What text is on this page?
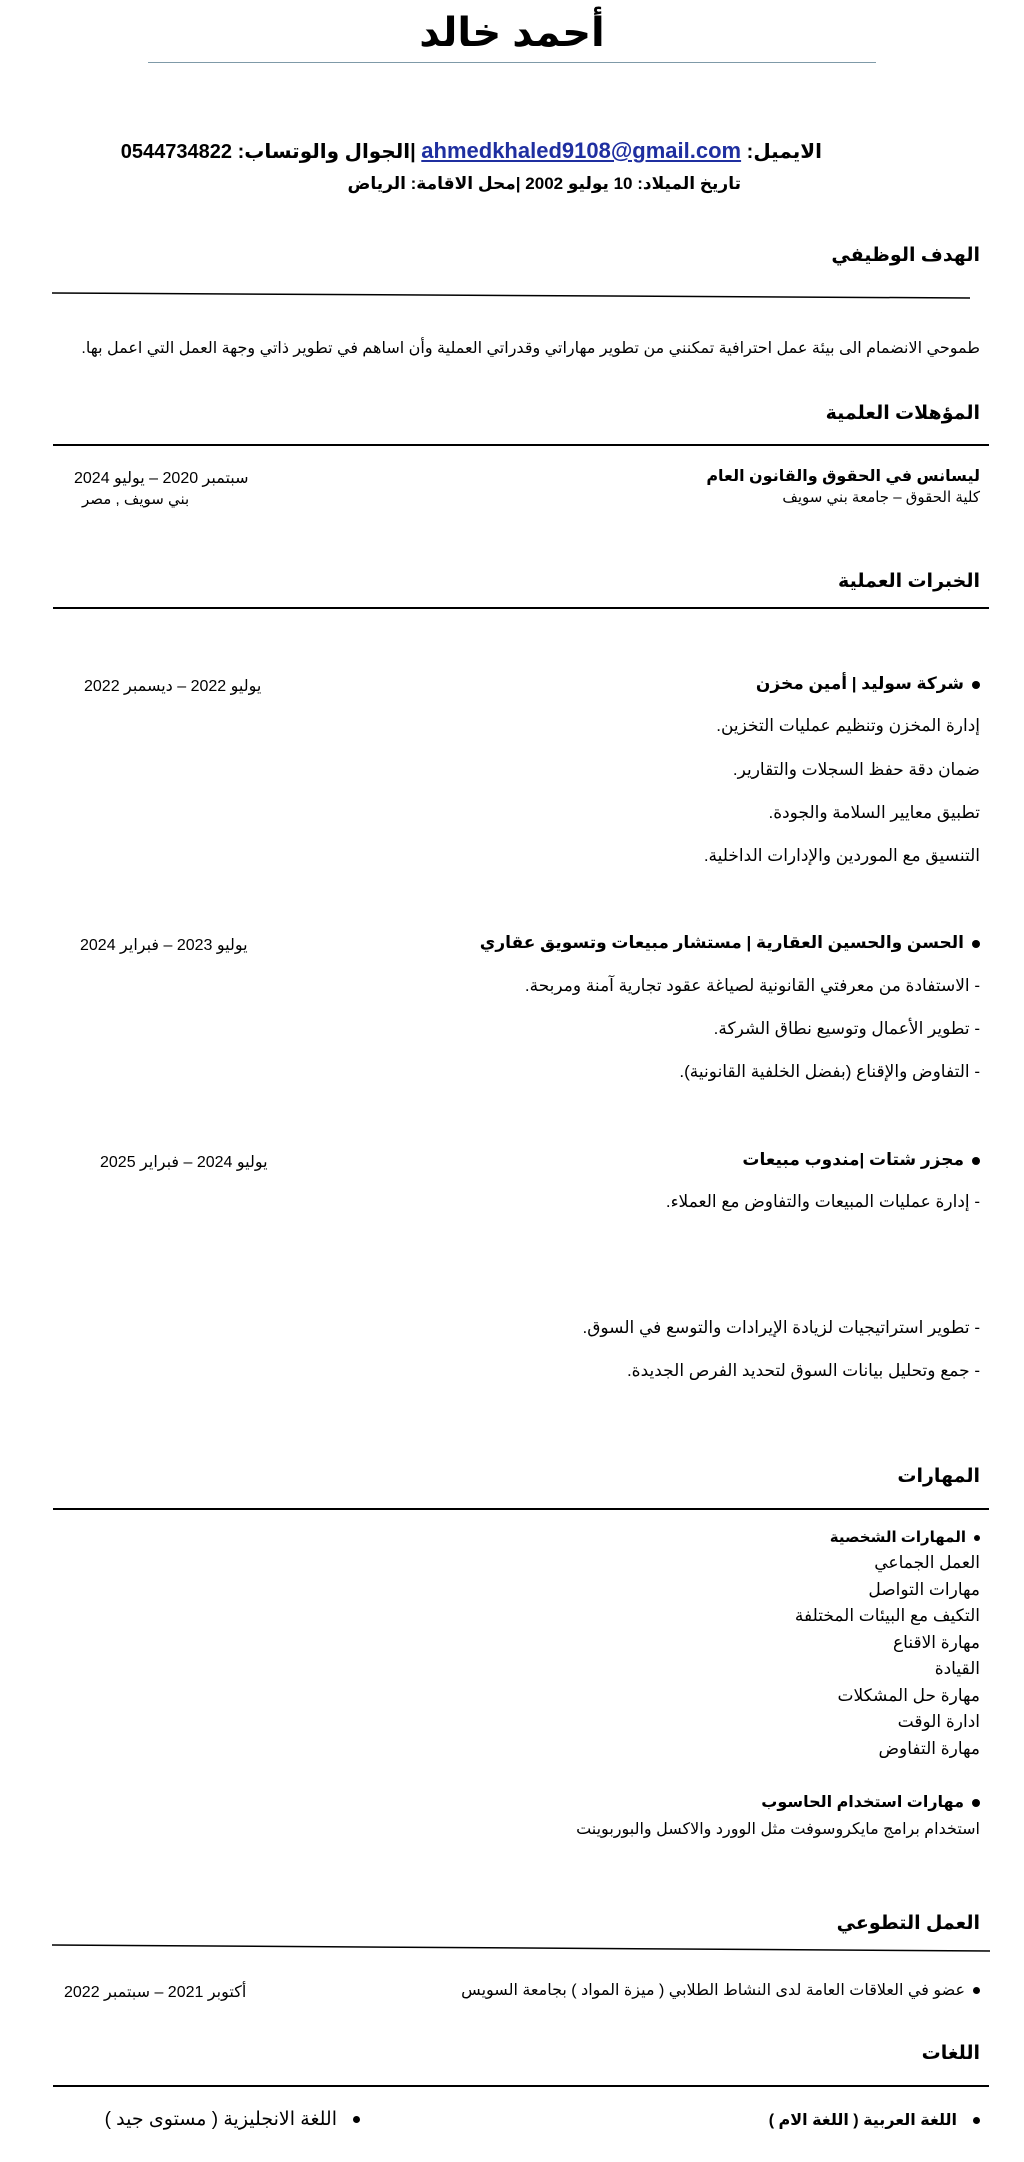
أحمد خالد
الايميل: ahmedkhaled9108@gmail.com |الجوال والوتساب: 0544734822
تاريخ الميلاد: 10 يوليو 2002 |محل الاقامة: الرياض
الهدف الوظيفي
طموحي الانضمام الى بيئة عمل احترافية تمكنني من تطوير مهاراتي وقدراتي العملية وأن اساهم في تطوير ذاتي وجهة العمل التي اعمل بها.
المؤهلات العلمية
ليسانس في الحقوق والقانون العام
كلية الحقوق – جامعة بني سويف
سبتمبر 2020 – يوليو 2024
بني سويف , مصر
الخبرات العملية
شركة سوليد | أمين مخزن
يوليو 2022 – ديسمبر 2022
إدارة المخزن وتنظيم عمليات التخزين.
ضمان دقة حفظ السجلات والتقارير.
تطبيق معايير السلامة والجودة.
التنسيق مع الموردين والإدارات الداخلية.
الحسن والحسين العقارية | مستشار مبيعات وتسويق عقاري
يوليو 2023 – فبراير 2024
- الاستفادة من معرفتي القانونية لصياغة عقود تجارية آمنة ومربحة.
- تطوير الأعمال وتوسيع نطاق الشركة.
- التفاوض والإقناع (بفضل الخلفية القانونية).
مجزر شتات |مندوب مبيعات
يوليو 2024 – فبراير 2025
- إدارة عمليات المبيعات والتفاوض مع العملاء.
- تطوير استراتيجيات لزيادة الإيرادات والتوسع في السوق.
- جمع وتحليل بيانات السوق لتحديد الفرص الجديدة.
المهارات
المهارات الشخصية
العمل الجماعي
مهارات التواصل
التكيف مع البيئات المختلفة
مهارة الاقناع
القيادة
مهارة حل المشكلات
ادارة الوقت
مهارة التفاوض
مهارات استخدام الحاسوب
استخدام برامج مايكروسوفت مثل الوورد والاكسل والبوربوينت
العمل التطوعي
عضو في العلاقات العامة لدى النشاط الطلابي ( ميزة المواد ) بجامعة السويس
أكتوبر 2021 – سبتمبر 2022
اللغات
اللغة العربية ( اللغة الام )
اللغة الانجليزية ( مستوى جيد )
